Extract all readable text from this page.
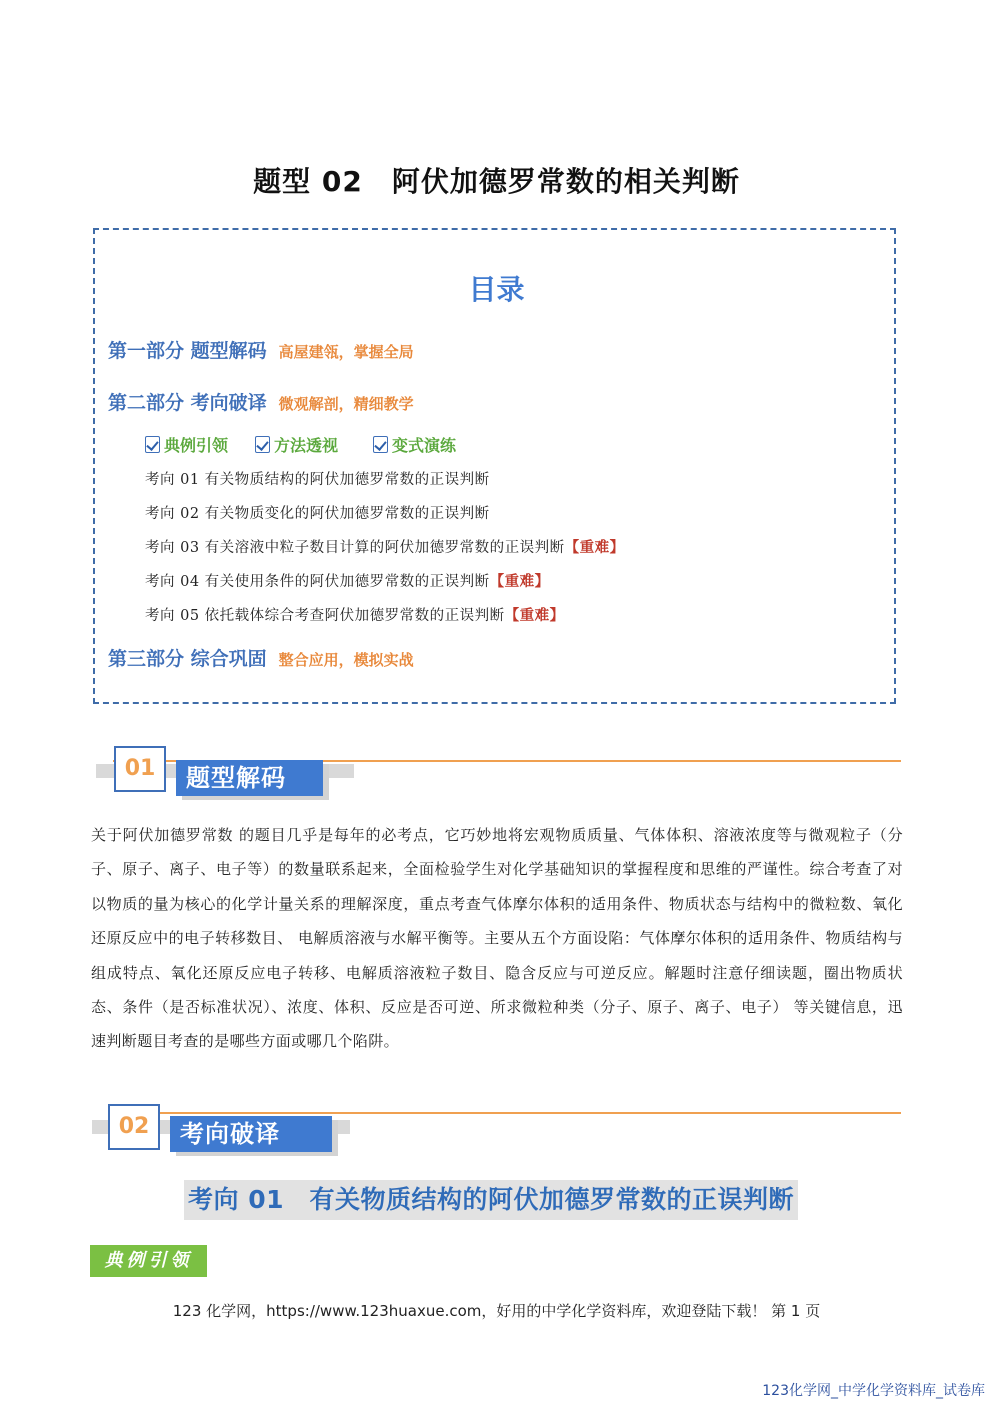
题型 02　阿伏加德罗常数的相关判断
目录
第一部分 题型解码 高屋建瓴，掌握全局
第二部分 考向破译 微观解剖，精细教学
典例引领	方法透视	变式演练
考向 01 有关物质结构的阿伏加德罗常数的正误判断
考向 02 有关物质变化的阿伏加德罗常数的正误判断
考向 03 有关溶液中粒子数目计算的阿伏加德罗常数的正误判断【重难】
考向 04 有关使用条件的阿伏加德罗常数的正误判断【重难】
考向 05 依托载体综合考查阿伏加德罗常数的正误判断【重难】
第三部分 综合巩固 整合应用，模拟实战
题型解码
01
关于阿伏加德罗常数 的题目几乎是每年的必考点，它巧妙地将宏观物质质量、气体体积、溶液浓度等与微观粒子（分子、原子、离子、电子等）的数量联系起来，全面检验学生对化学基础知识的掌握程度和思维的严谨性。综合考查了对以物质的量为核心的化学计量关系的理解深度，重点考查气体摩尔体积的适用条件、物质状态与结构中的微粒数、氧化还原反应中的电子转移数目、 电解质溶液与水解平衡等。主要从五个方面设陷：气体摩尔体积的适用条件、物质结构与组成特点、氧化还原反应电子转移、电解质溶液粒子数目、隐含反应与可逆反应。解题时注意仔细读题，圈出物质状态、条件（是否标准状况）、浓度、体积、反应是否可逆、所求微粒种类（分子、原子、离子、电子） 等关键信息，迅速判断题目考查的是哪些方面或哪几个陷阱。
考向破译
02
考向 01　有关物质结构的阿伏加德罗常数的正误判断
典例引领
123 化学网，https://www.123huaxue.com，好用的中学化学资料库，欢迎登陆下载！ 第 1 页
123化学网_中学化学资料库_试卷库
